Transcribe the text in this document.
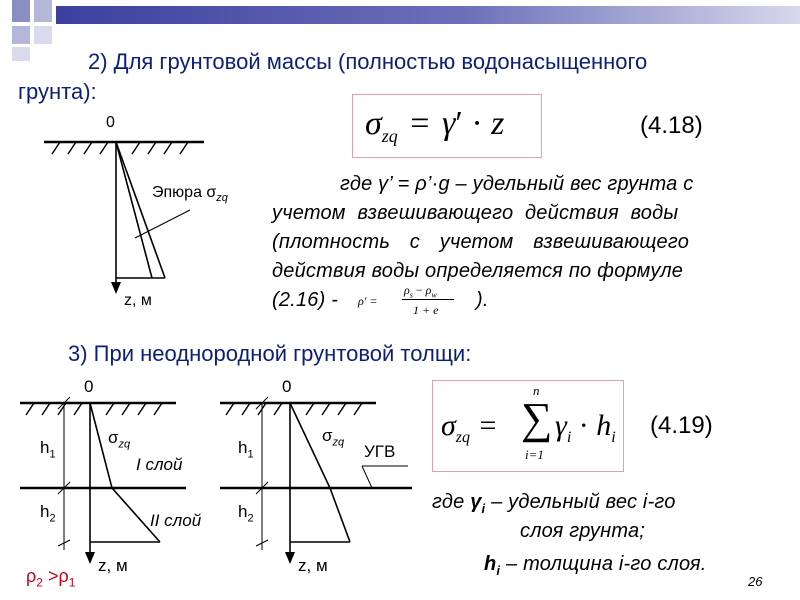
2) Для грунтовой массы (полностью водонасыщенного
грунта):
$\sigma_{zq} = \gamma' \cdot z$	(4.18)
0
Эпюра $\sigma_{zq}$
z, м
где γ’ = ρ’·g – удельный вес грунта с
учетом взвешивающего действия воды
(плотность с учетом взвешивающего
действия воды определяется по формуле
(2.16) - ρ′ =
$\rho_s - \rho_w$
1 + e ).
3) При неоднородной грунтовой толщи:
$\sigma_{zq}$ =
n
∑
i=1
$\gamma_i \cdot h_i$ (4.19)
0
$h_1$
$h_2$
$\sigma_{zq}$
I слой
II слой
z, м
$\rho_2 >\rho_1$
0
$h_1$
$h_2$
$\sigma_{zq}$ УГВ
z, м
где $\gamma_i$ – удельный вес i-го
слоя грунта;
$h_i$ – толщина i-го слоя.
26
